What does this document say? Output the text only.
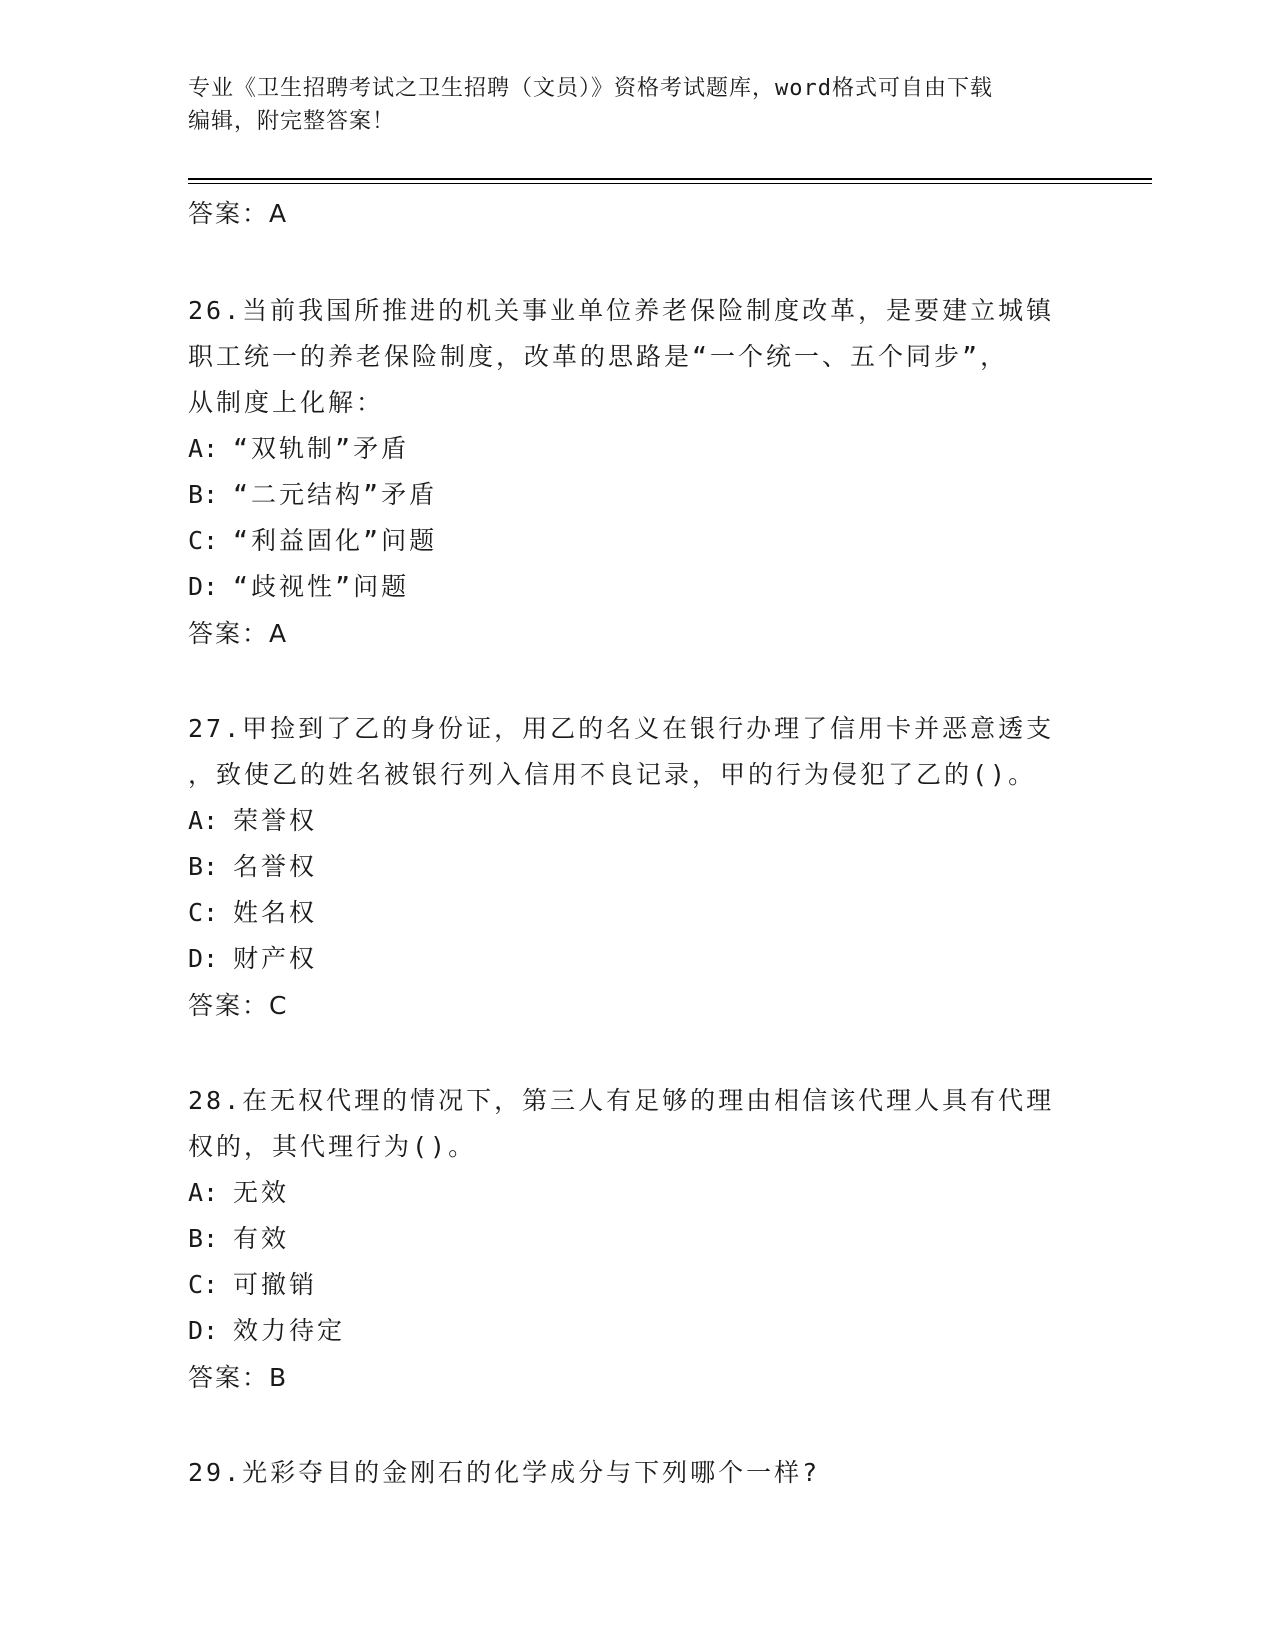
专业《卫生招聘考试之卫生招聘（文员）》资格考试题库，word格式可自由下载
编辑，附完整答案！
答案：A

26.当前我国所推进的机关事业单位养老保险制度改革，是要建立城镇

职工统一的养老保险制度，改革的思路是“一个统一、五个同步”，

从制度上化解：

A: “双轨制”矛盾

B: “二元结构”矛盾

C: “利益固化”问题

D: “歧视性”问题

答案：A

27.甲捡到了乙的身份证，用乙的名义在银行办理了信用卡并恶意透支

，致使乙的姓名被银行列入信用不良记录，甲的行为侵犯了乙的()。

A: 荣誉权

B: 名誉权

C: 姓名权

D: 财产权

答案：C

28.在无权代理的情况下，第三人有足够的理由相信该代理人具有代理

权的，其代理行为()。

A: 无效

B: 有效

C: 可撤销

D: 效力待定

答案：B

29.光彩夺目的金刚石的化学成分与下列哪个一样?
